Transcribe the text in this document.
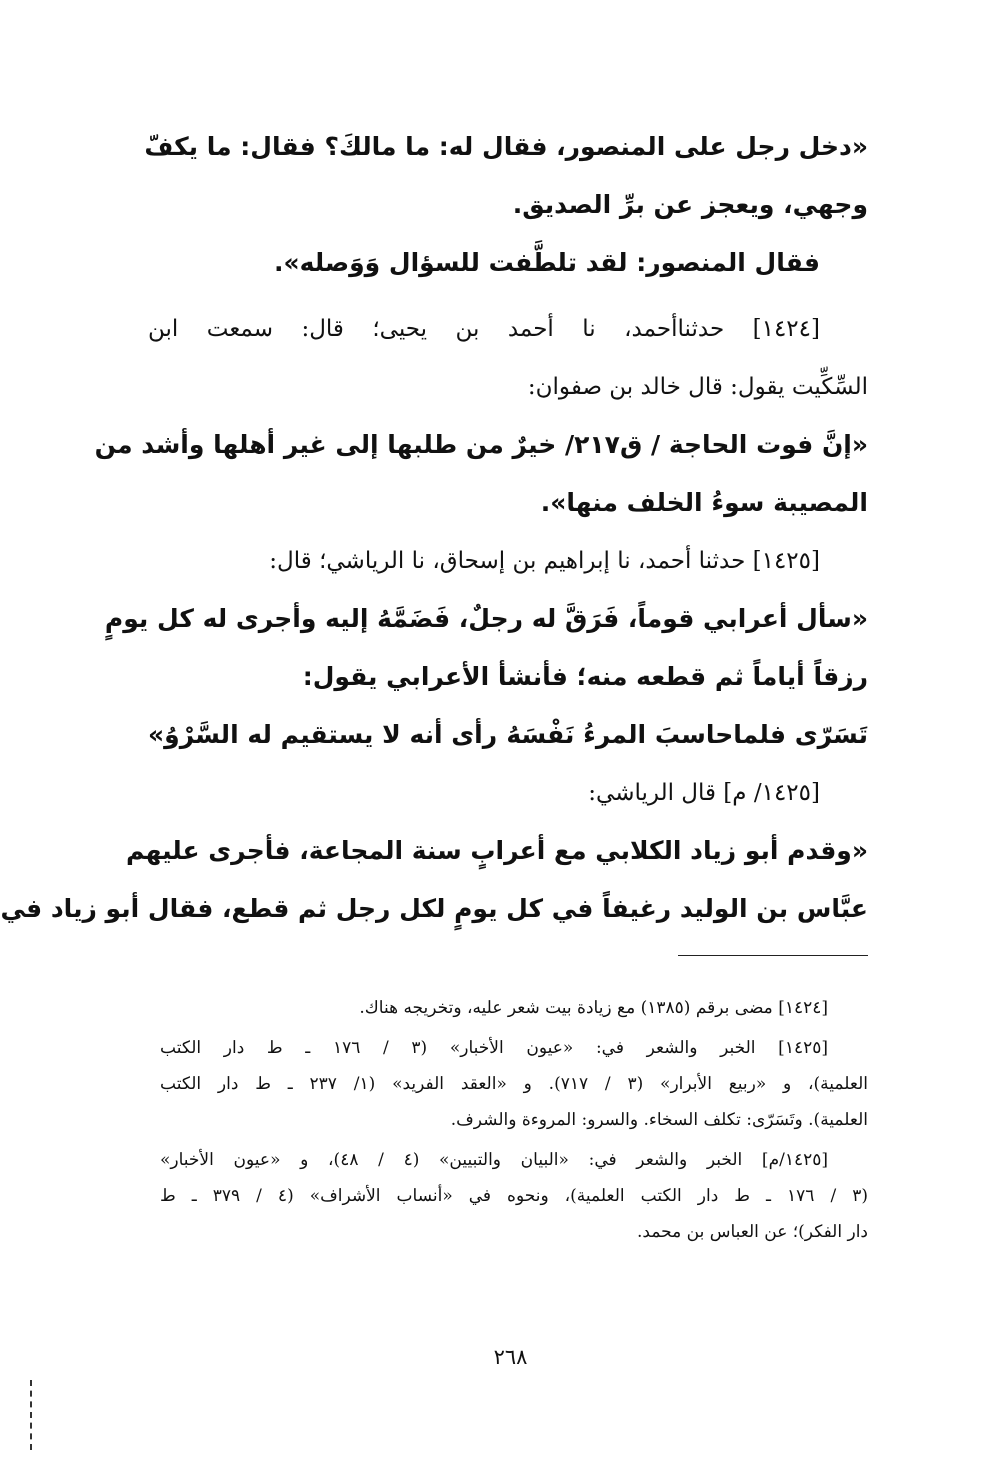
«دخل رجل على المنصور، فقال له: ما مالكَ؟ فقال: ما يكفّ
وجهي، ويعجز عن برِّ الصديق.
فقال المنصور: لقد تلطَّفت للسؤال وَوَصله».
[١٤٢٤] حدثناأحمد، نا أحمد بن يحيى؛ قال: سمعت ابن
السِّكِّيت يقول: قال خالد بن صفوان:
«إنَّ فوت الحاجة / ق٢١٧/ خيرٌ من طلبها إلى غير أهلها وأشد من
المصيبة سوءُ الخلف منها».
[١٤٢٥] حدثنا أحمد، نا إبراهيم بن إسحاق، نا الرياشي؛ قال:
«سأل أعرابي قوماً، فَرَقَّ له رجلٌ، فَضَمَّهُ إليه وأجرى له كل يومٍ
رزقاً أياماً ثم قطعه منه؛ فأنشأ الأعرابي يقول:
تَسَرّى فلماحاسبَ المرءُ نَفْسَهُ
رأى أنه لا يستقيم له السَّرْوُ»
[١٤٢٥/ م] قال الرياشي:
«وقدم أبو زياد الكلابي مع أعرابٍ سنة المجاعة، فأجرى عليهم
عبَّاس بن الوليد رغيفاً في كل يومٍ لكل رجل ثم قطع، فقال أبو زياد في
[١٤٢٤] مضى برقم (١٣٨٥) مع زيادة بيت شعر عليه، وتخريجه هناك.
[١٤٢٥] الخبر والشعر في: «عيون الأخبار» (٣ / ١٧٦ ـ ط دار الكتب
العلمية)، و «ربيع الأبرار» (٣ / ٧١٧). و «العقد الفريد» (١/ ٢٣٧ ـ ط دار الكتب
العلمية). وتَسَرّى: تكلف السخاء. والسرو: المروءة والشرف.
[١٤٢٥/م] الخبر والشعر في: «البيان والتبيين» (٤ / ٤٨)، و «عيون الأخبار»
(٣ / ١٧٦ ـ ط دار الكتب العلمية)، ونحوه في «أنساب الأشراف» (٤ / ٣٧٩ ـ ط
دار الفكر)؛ عن العباس بن محمد.
٢٦٨
